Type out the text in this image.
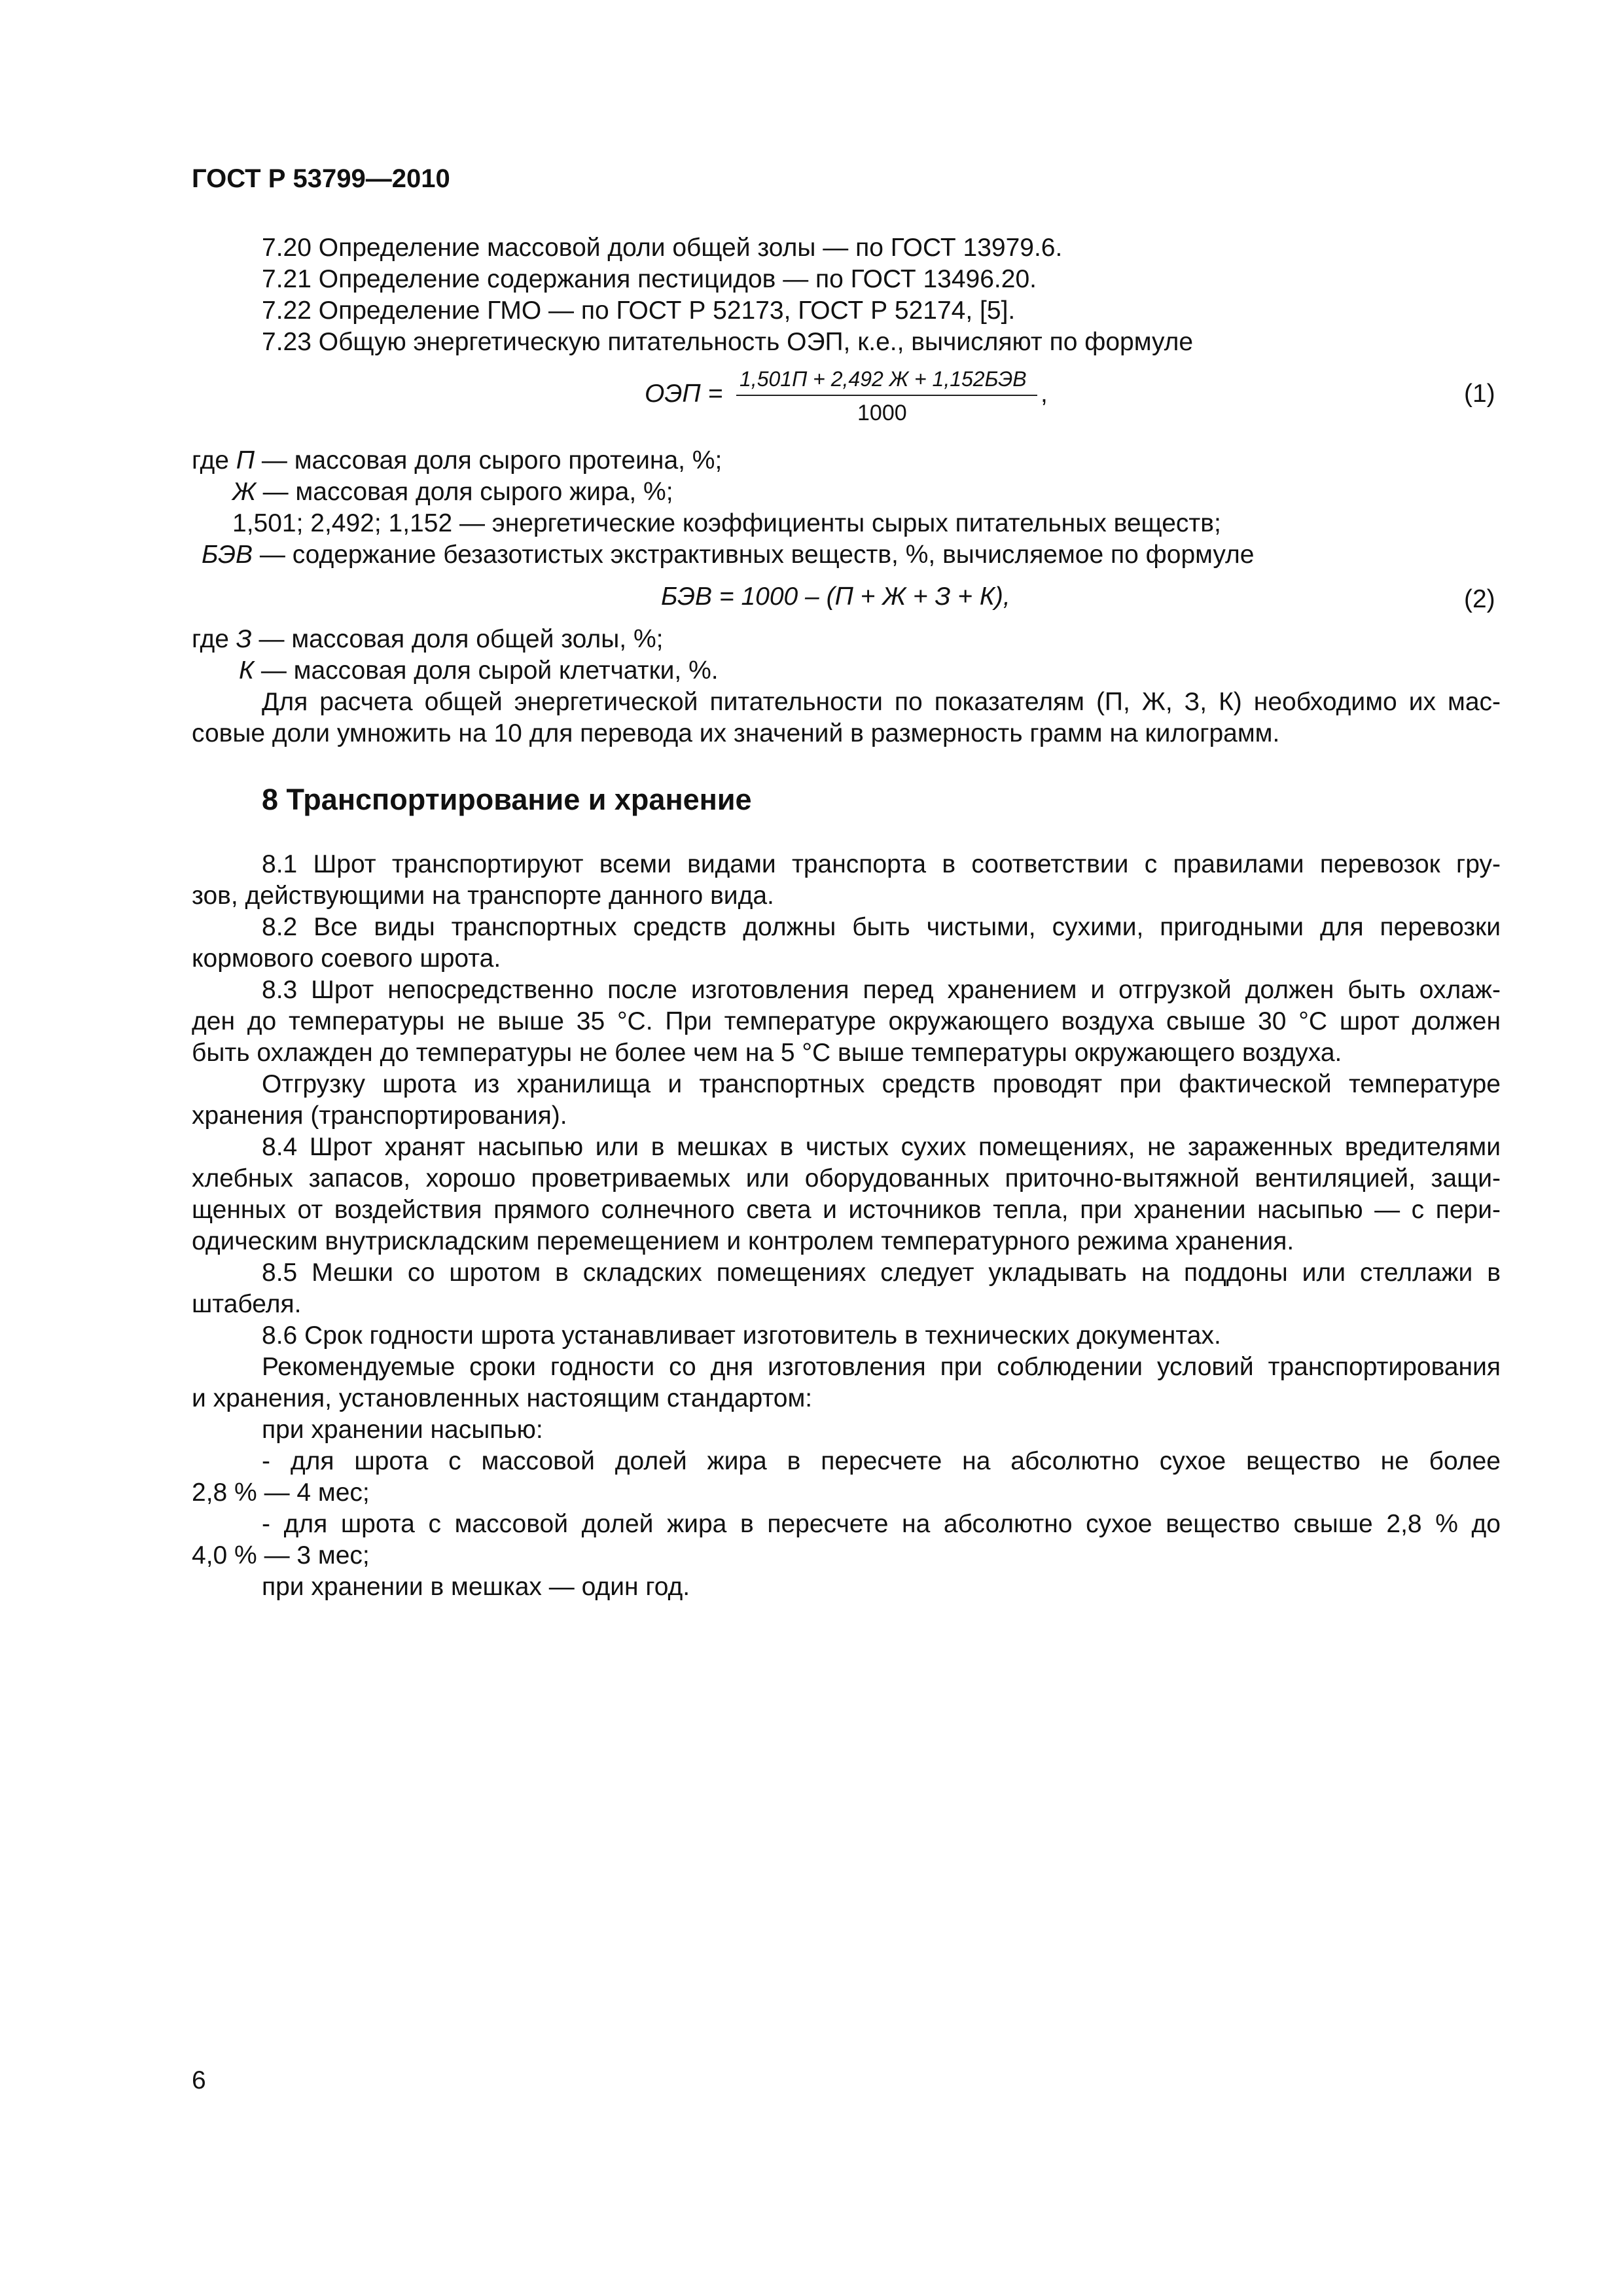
ГОСТ Р 53799—2010
7.20 Определение массовой доли общей золы — по ГОСТ 13979.6.
7.21 Определение содержания пестицидов — по ГОСТ 13496.20.
7.22 Определение ГМО — по ГОСТ Р 52173, ГОСТ Р 52174, [5].
7.23 Общую энергетическую питательность ОЭП, к.е., вычисляют по формуле
ОЭП =
1,501П + 2,492 Ж + 1,152БЭВ
1000
,	(1)
где П — массовая доля сырого протеина, %;
Ж — массовая доля сырого жира, %;
1,501; 2,492; 1,152 — энергетические коэффициенты сырых питательных веществ;
БЭВ — содержание безазотистых экстрактивных веществ, %, вычисляемое по формуле
БЭВ = 1000 – (П + Ж + З + К),	(2)
где З — массовая доля общей золы, %;
К — массовая доля сырой клетчатки, %.
Для расчета общей энергетической питательности по показателям (П, Ж, З, К) необходимо их мас-
совые доли умножить на 10 для перевода их значений в размерность грамм на килограмм.
8 Транспортирование и хранение
8.1 Шрот транспортируют всеми видами транспорта в соответствии с правилами перевозок гру-
зов, действующими на транспорте данного вида.
8.2 Все виды транспортных средств должны быть чистыми, сухими, пригодными для перевозки
кормового соевого шрота.
8.3 Шрот непосредственно после изготовления перед хранением и отгрузкой должен быть охлаж-
ден до температуры не выше 35 °С. При температуре окружающего воздуха свыше 30 °С шрот должен
быть охлажден до температуры не более чем на 5 °С выше температуры окружающего воздуха.
Отгрузку шрота из хранилища и транспортных средств проводят при фактической температуре
хранения (транспортирования).
8.4 Шрот хранят насыпью или в мешках в чистых сухих помещениях, не зараженных вредителями
хлебных запасов, хорошо проветриваемых или оборудованных приточно-вытяжной вентиляцией, защи-
щенных от воздействия прямого солнечного света и источников тепла, при хранении насыпью — с пери-
одическим внутрискладским перемещением и контролем температурного режима хранения.
8.5 Мешки со шротом в складских помещениях следует укладывать на поддоны или стеллажи в
штабеля.
8.6 Срок годности шрота устанавливает изготовитель в технических документах.
Рекомендуемые сроки годности со дня изготовления при соблюдении условий транспортирования
и хранения, установленных настоящим стандартом:
при хранении насыпью:
- для шрота с массовой долей жира в пересчете на абсолютно сухое вещество не более
2,8 % — 4 мес;
- для шрота с массовой долей жира в пересчете на абсолютно сухое вещество свыше 2,8 % до
4,0 % — 3 мес;
при хранении в мешках — один год.
6
